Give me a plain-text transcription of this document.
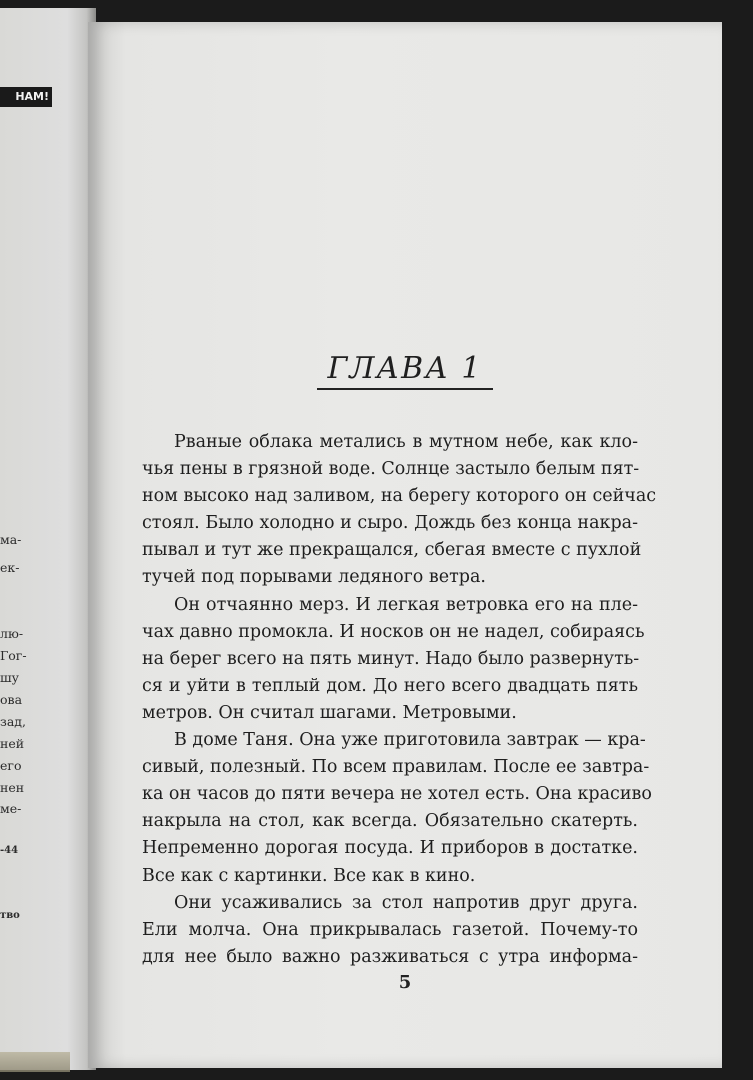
НАМ!
ма-
ек-
лю-
Гог-
шу
ова
зад,
ней
его
нен
ме-
-44
тво
ГЛАВА 1
Рваные облака метались в мутном небе, как кло-
чья пены в грязной воде. Солнце застыло белым пят-
ном высоко над заливом, на берегу которого он сейчас
стоял. Было холодно и сыро. Дождь без конца накра-
пывал и тут же прекращался, сбегая вместе с пухлой
тучей под порывами ледяного ветра.
Он отчаянно мерз. И легкая ветровка его на пле-
чах давно промокла. И носков он не надел, собираясь
на берег всего на пять минут. Надо было развернуть-
ся и уйти в теплый дом. До него всего двадцать пять
метров. Он считал шагами. Метровыми.
В доме Таня. Она уже приготовила завтрак — кра-
сивый, полезный. По всем правилам. После ее завтра-
ка он часов до пяти вечера не хотел есть. Она красиво
накрыла на стол, как всегда. Обязательно скатерть.
Непременно дорогая посуда. И приборов в достатке.
Все как с картинки. Все как в кино.
Они усаживались за стол напротив друг друга.
Ели молча. Она прикрывалась газетой. Почему-то
для нее было важно разживаться с утра информа-
5
